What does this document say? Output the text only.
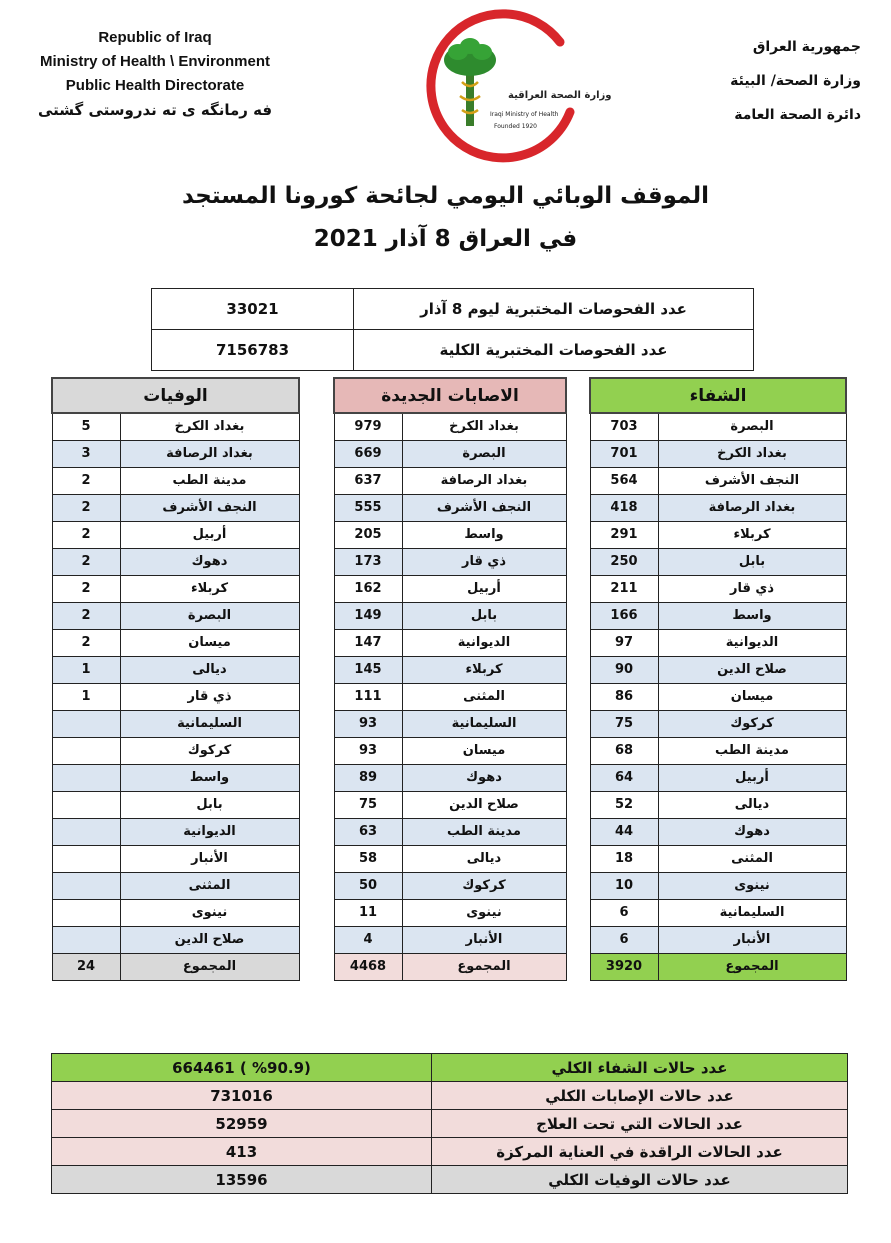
Republic of Iraq
Ministry of Health \ Environment
Public Health Directorate
فه رمانگه ی ته ندروستی گشتی
وزارة الصحة العراقية
Iraqi Ministry of Health
Founded 1920
جمهورية العراق
وزارة الصحة/ البيئة
دائرة الصحة العامة
الموقف الوبائي اليومي لجائحة كورونا المستجد
في العراق 8 آذار 2021
33021	عدد الفحوصات المختبرية ليوم 8 آذار
7156783	عدد الفحوصات المختبرية الكلية
الوفيات	
5	بغداد الكرخ
3	بغداد الرصافة
2	مدينة الطب
2	النجف الأشرف
2	أربيل
2	دهوك
2	كربلاء
2	البصرة
2	ميسان
1	ديالى
1	ذي قار
	السليمانية
	كركوك
	واسط
	بابل
	الديوانية
	الأنبار
	المثنى
	نينوى
	صلاح الدين
24	المجموع
الاصابات الجديدة	
979	بغداد الكرخ
669	البصرة
637	بغداد الرصافة
555	النجف الأشرف
205	واسط
173	ذي قار
162	أربيل
149	بابل
147	الديوانية
145	كربلاء
111	المثنى
93	السليمانية
93	ميسان
89	دهوك
75	صلاح الدين
63	مدينة الطب
58	ديالى
50	كركوك
11	نينوى
4	الأنبار
4468	المجموع
الشفاء	
703	البصرة
701	بغداد الكرخ
564	النجف الأشرف
418	بغداد الرصافة
291	كربلاء
250	بابل
211	ذي قار
166	واسط
97	الديوانية
90	صلاح الدين
86	ميسان
75	كركوك
68	مدينة الطب
64	أربيل
52	ديالى
44	دهوك
18	المثنى
10	نينوى
6	السليمانية
6	الأنبار
3920	المجموع
664461 ( %90.9)	عدد حالات الشفاء الكلي
731016	عدد حالات الإصابات الكلي
52959	عدد الحالات التي تحت العلاج
413	عدد الحالات الراقدة في العناية المركزة
13596	عدد حالات الوفيات الكلي
